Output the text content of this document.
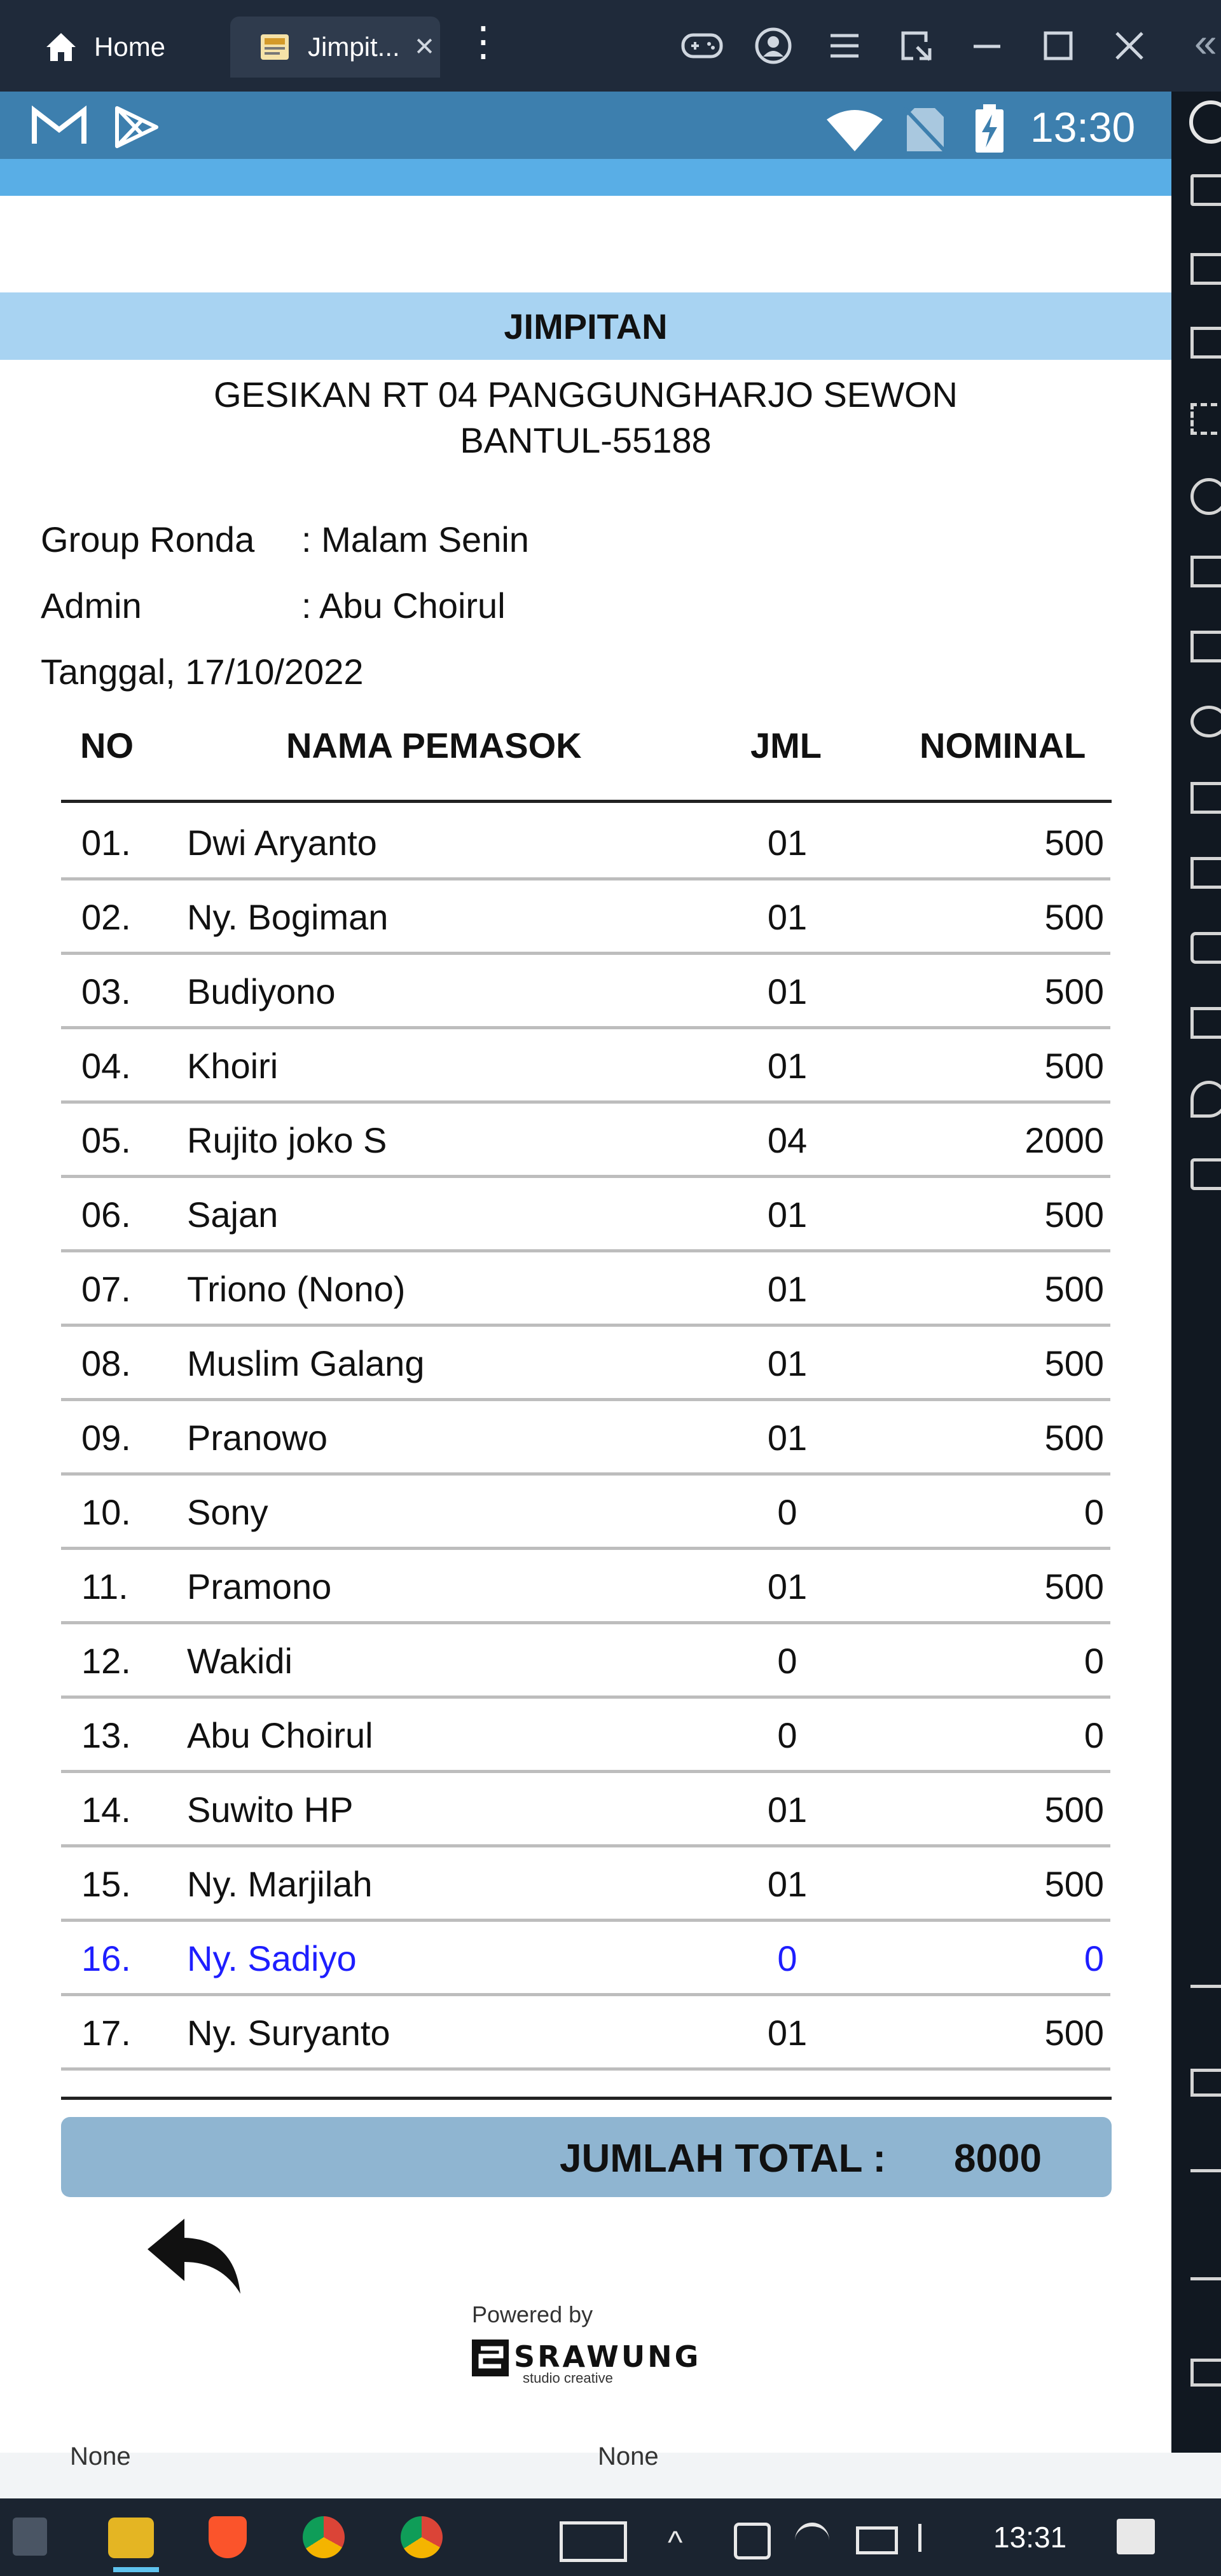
Home	Jimpit... ✕ ⋮	«
13:30
JIMPITAN
GESIKAN RT 04 PANGGUNGHARJO SEWON
BANTUL-55188
Group Ronda : Malam Senin
Admin	: Abu Choirul
Tanggal, 17/10/2022
NO	NAMA PEMASOK	JML	NOMINAL
01. Dwi Aryanto	01	500
02. Ny. Bogiman	01	500
03. Budiyono	01	500
04. Khoiri	01	500
05. Rujito joko S	04	2000
06. Sajan	01	500
07. Triono (Nono)	01	500
08. Muslim Galang	01	500
09. Pranowo	01	500
10. Sony	0	0
11. Pramono	01	500
12. Wakidi	0	0
13. Abu Choirul	0	0
14. Suwito HP	01	500
15. Ny. Marjilah	01	500
16. Ny. Sadiyo	0	0
17. Ny. Suryanto	01	500
JUMLAH TOTAL : 8000
Powered by
SRAWUNG
studio creative
None	None
^	13:31
